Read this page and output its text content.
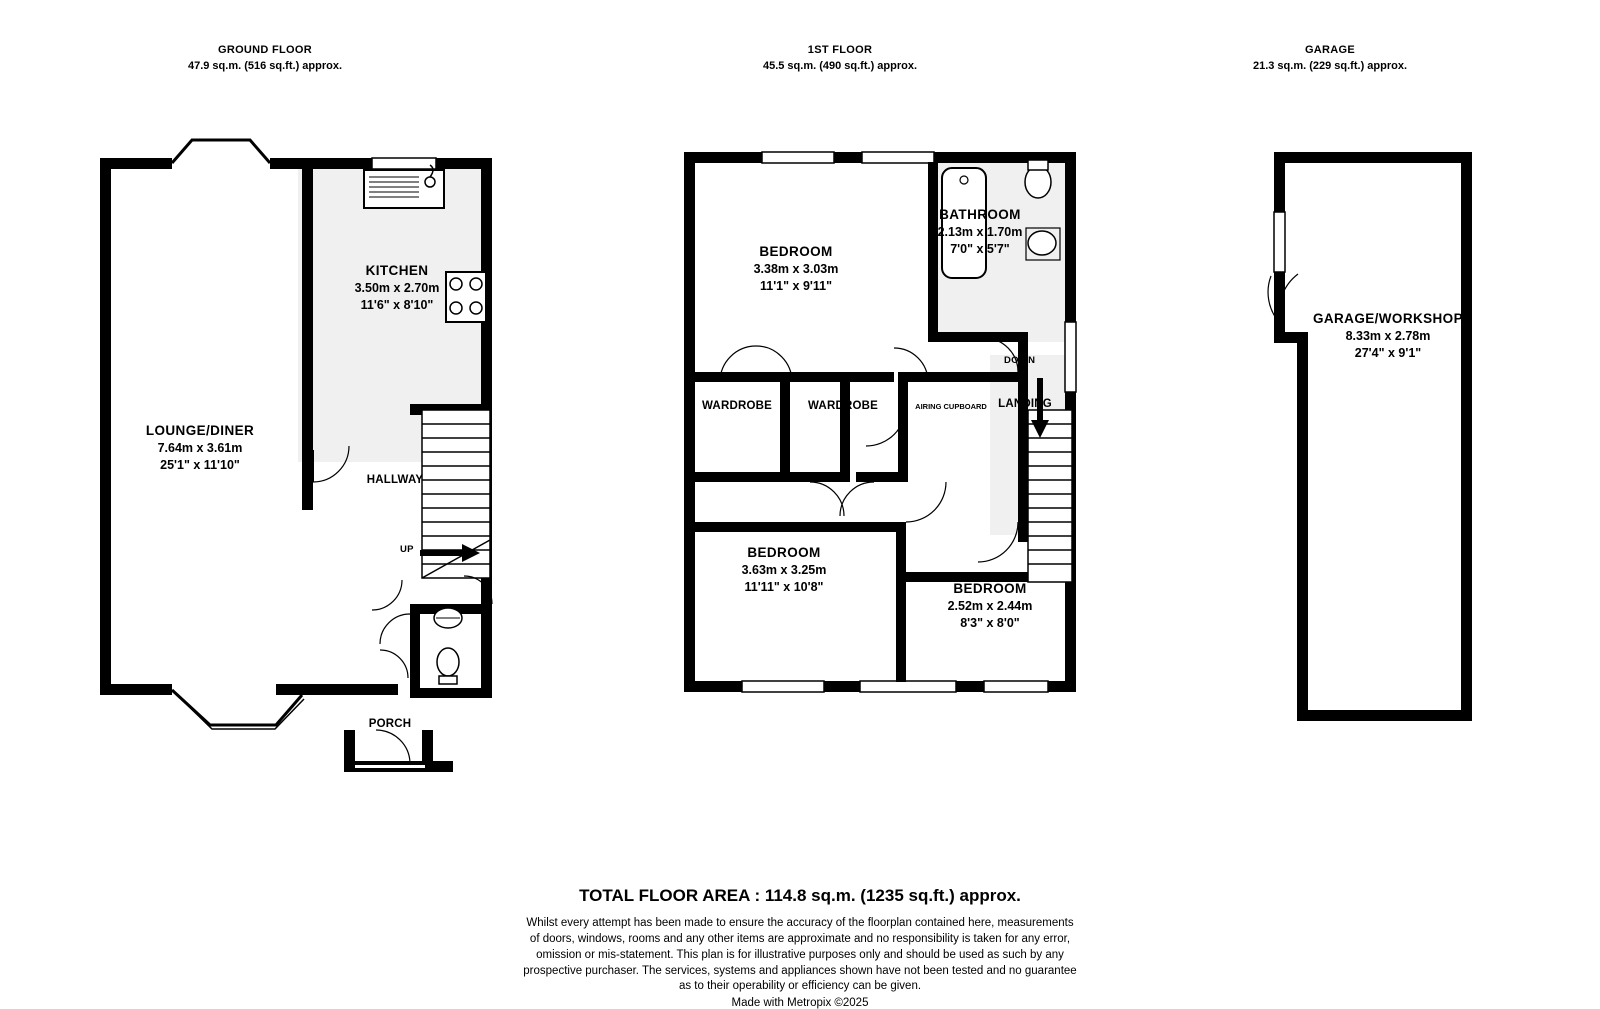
GROUND FLOOR
47.9 sq.m. (516 sq.ft.) approx.
KITCHEN
3.50m x 2.70m
11'6" x 8'10"
LOUNGE/DINER
7.64m x 3.61m
25'1" x 11'10"
HALLWAY
PORCH
UP
1ST FLOOR
45.5 sq.m. (490 sq.ft.) approx.
BATHROOM
2.13m x 1.70m
7'0" x 5'7"
BEDROOM
3.38m x 3.03m
11'1" x 9'11"
BEDROOM
3.63m x 3.25m
11'11" x 10'8"	BEDROOM
2.52m x 2.44m
8'3" x 8'0"
WARDROBE	WARDROBE	AIRING CUPBOARD LANDING
DOWN
GARAGE
21.3 sq.m. (229 sq.ft.) approx.
GARAGE/WORKSHOP
8.33m x 2.78m
27'4" x 9'1"
TOTAL FLOOR AREA : 114.8 sq.m. (1235 sq.ft.) approx.
Whilst every attempt has been made to ensure the accuracy of the floorplan contained here, measurements
of doors, windows, rooms and any other items are approximate and no responsibility is taken for any error,
omission or mis-statement. This plan is for illustrative purposes only and should be used as such by any
prospective purchaser. The services, systems and appliances shown have not been tested and no guarantee
as to their operability or efficiency can be given.
Made with Metropix ©2025
